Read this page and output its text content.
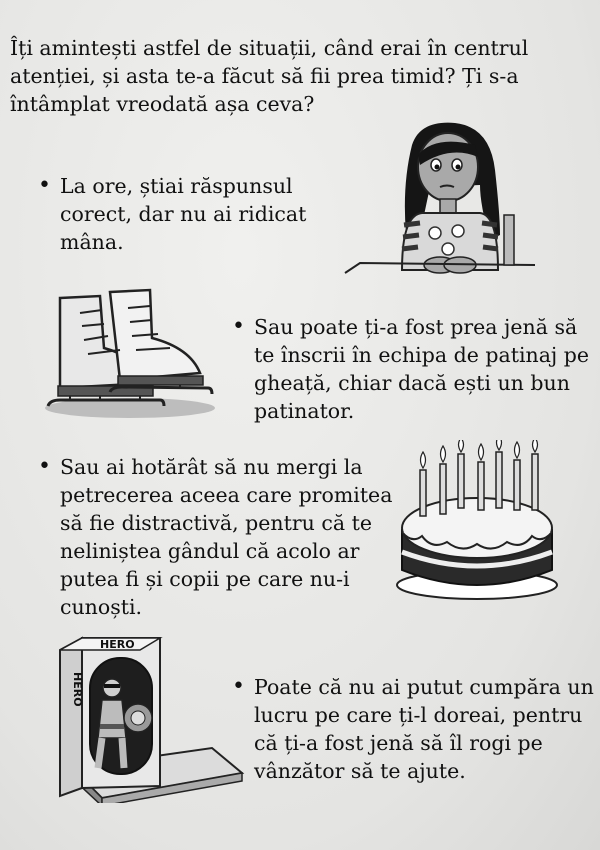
Îți amintești astfel de situații, când erai în centrul atenției, și asta te-a făcut să fii prea timid? Ți s-a întâmplat vreodată așa ceva?

• La ore, știai răspunsul corect, dar nu ai ridicat mâna.

• Sau poate ți-a fost prea jenă să te înscrii în echipa de patinaj pe gheață, chiar dacă ești un bun patinator.

• Sau ai hotărât să nu mergi la petrecerea aceea care promitea să fie distractivă, pentru că te neliniștea gândul că acolo ar putea fi și copii pe care nu-i cunoști.

• Poate că nu ai putut cumpăra un lucru pe care ți-l doreai, pentru că ți-a fost jenă să îl rogi pe vânzător să te ajute.

HERO
HERO
